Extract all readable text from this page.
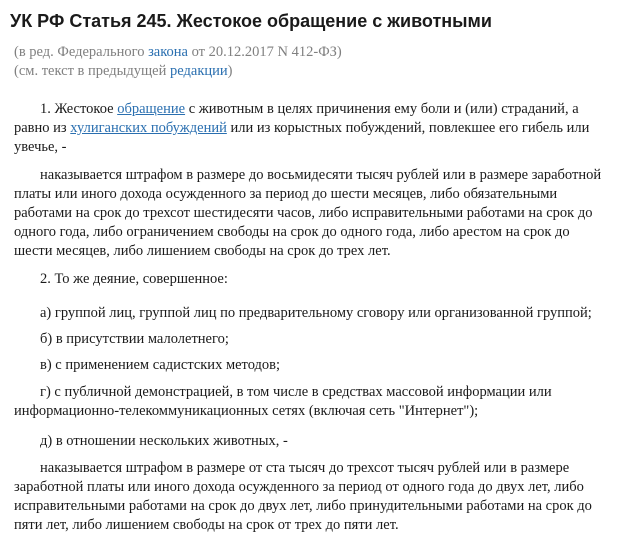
УК РФ Статья 245. Жестокое обращение с животными
(в ред. Федерального закона от 20.12.2017 N 412-ФЗ)
(см. текст в предыдущей редакции)
1. Жестокое обращение с животным в целях причинения ему боли и (или) страданий, а
равно из хулиганских побуждений или из корыстных побуждений, повлекшее его гибель или
увечье, -
наказывается штрафом в размере до восьмидесяти тысяч рублей или в размере заработной
платы или иного дохода осужденного за период до шести месяцев, либо обязательными
работами на срок до трехсот шестидесяти часов, либо исправительными работами на срок до
одного года, либо ограничением свободы на срок до одного года, либо арестом на срок до
шести месяцев, либо лишением свободы на срок до трех лет.
2. То же деяние, совершенное:
а) группой лиц, группой лиц по предварительному сговору или организованной группой;
б) в присутствии малолетнего;
в) с применением садистских методов;
г) с публичной демонстрацией, в том числе в средствах массовой информации или
информационно-телекоммуникационных сетях (включая сеть "Интернет");
д) в отношении нескольких животных, -
наказывается штрафом в размере от ста тысяч до трехсот тысяч рублей или в размере
заработной платы или иного дохода осужденного за период от одного года до двух лет, либо
исправительными работами на срок до двух лет, либо принудительными работами на срок до
пяти лет, либо лишением свободы на срок от трех до пяти лет.
